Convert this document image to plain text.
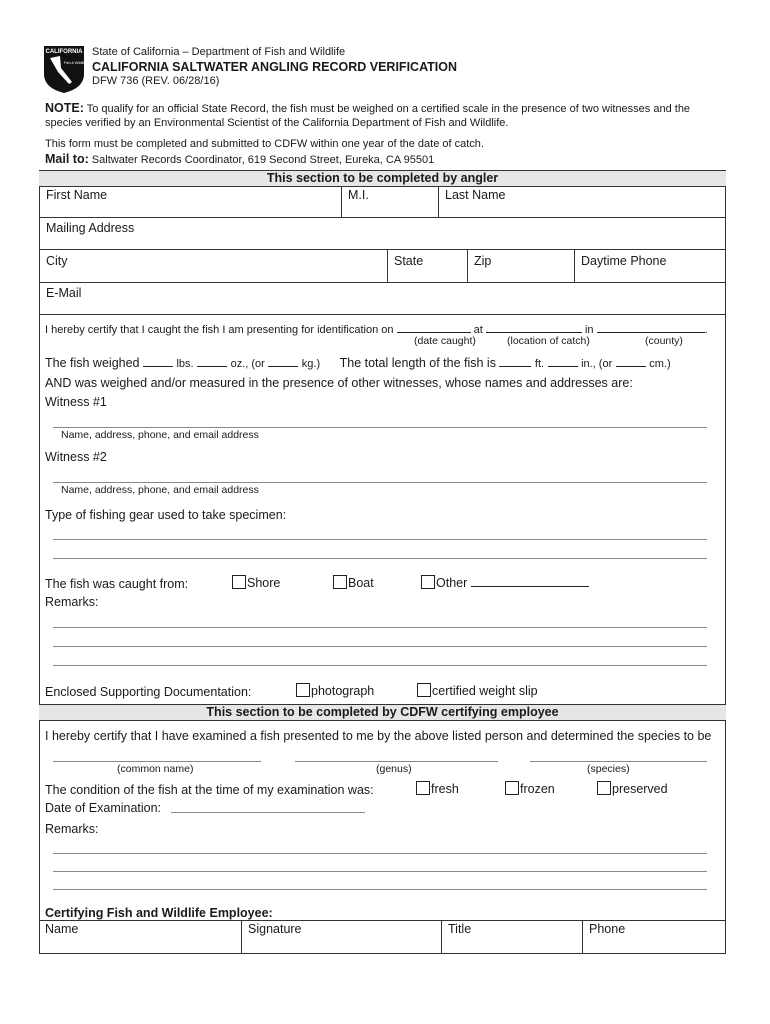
CALIFORNIA
Fish & Wildlife
State of California – Department of Fish and Wildlife
CALIFORNIA SALTWATER ANGLING RECORD VERIFICATION
DFW 736 (REV. 06/28/16)
NOTE: To qualify for an official State Record, the fish must be weighed on a certified scale in the presence of two witnesses and the
species verified by an Environmental Scientist of the California Department of Fish and Wildlife.
This form must be completed and submitted to CDFW within one year of the date of catch.
Mail to: Saltwater Records Coordinator, 619 Second Street, Eureka, CA 95501
This section to be completed by angler
First Name	M.I.	Last Name
Mailing Address
City	State	Zip	Daytime Phone
E-Mail
I hereby certify that I caught the fish I am presenting for identification on	at	in	.
(date caught)	(location of catch)	(county)
The fish weighed	lbs.	oz., (or	kg.) The total length of the fish is	ft.	in., (or	cm.)
AND was weighed and/or measured in the presence of other witnesses, whose names and addresses are:
Witness #1
Name, address, phone, and email address
Witness #2
Name, address, phone, and email address
Type of fishing gear used to take specimen:
The fish was caught from:	Shore	Boat	Other
Remarks:
Enclosed Supporting Documentation:	photograph	certified weight slip
This section to be completed by CDFW certifying employee
I hereby certify that I have examined a fish presented to me by the above listed person and determined the species to be
(common name)	(genus)	(species)
The condition of the fish at the time of my examination was:	fresh	frozen	preserved
Date of Examination:
Remarks:
Certifying Fish and Wildlife Employee:
Name	Signature	Title	Phone
